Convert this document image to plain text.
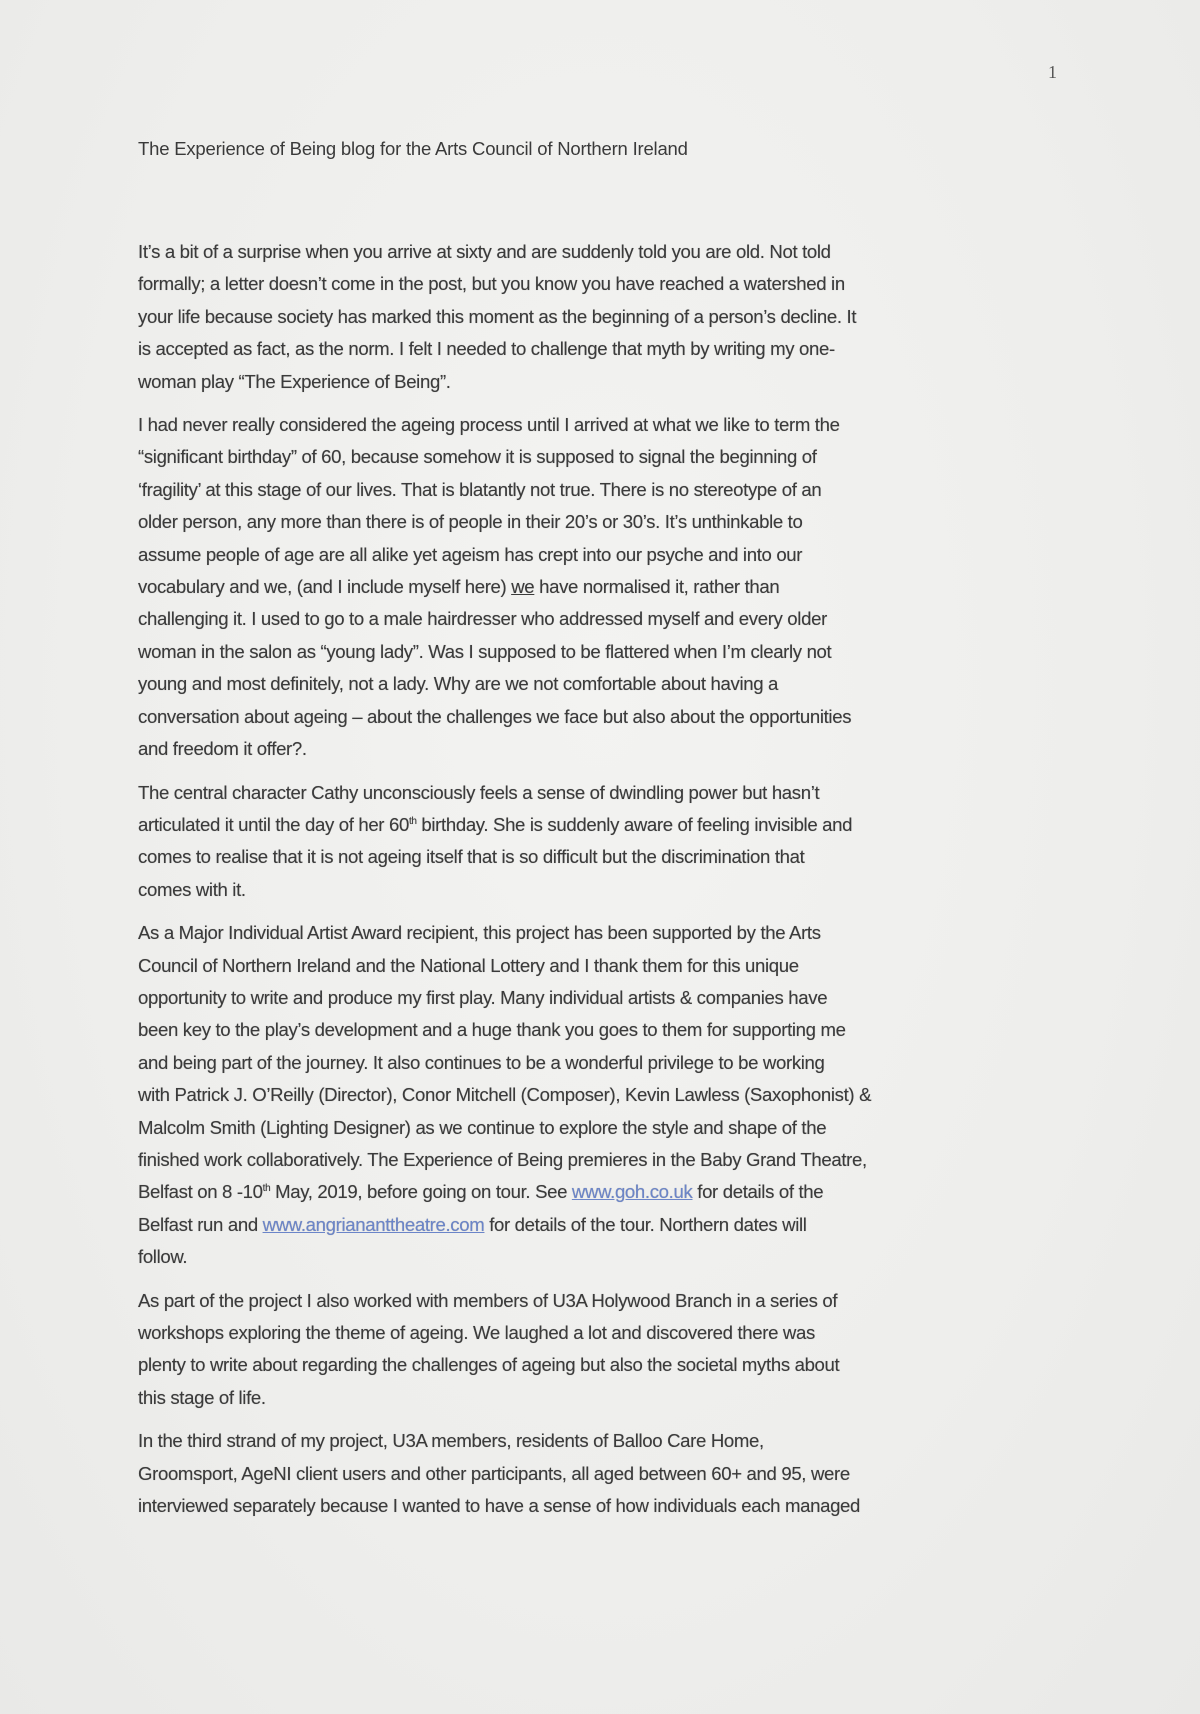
1
The Experience of Being blog for the Arts Council of Northern Ireland

It’s a bit of a surprise when you arrive at sixty and are suddenly told you are old. Not told
formally; a letter doesn’t come in the post, but you know you have reached a watershed in
your life because society has marked this moment as the beginning of a person’s decline. It
is accepted as fact, as the norm. I felt I needed to challenge that myth by writing my one-
woman play “The Experience of Being”.

I had never really considered the ageing process until I arrived at what we like to term the
“significant birthday” of 60, because somehow it is supposed to signal the beginning of
‘fragility’ at this stage of our lives. That is blatantly not true. There is no stereotype of an
older person, any more than there is of people in their 20’s or 30’s. It’s unthinkable to
assume people of age are all alike yet ageism has crept into our psyche and into our
vocabulary and we, (and I include myself here) we have normalised it, rather than
challenging it. I used to go to a male hairdresser who addressed myself and every older
woman in the salon as “young lady”. Was I supposed to be flattered when I’m clearly not
young and most definitely, not a lady. Why are we not comfortable about having a
conversation about ageing – about the challenges we face but also about the opportunities
and freedom it offer?.

The central character Cathy unconsciously feels a sense of dwindling power but hasn’t
articulated it until the day of her 60th birthday. She is suddenly aware of feeling invisible and
comes to realise that it is not ageing itself that is so difficult but the discrimination that
comes with it.

As a Major Individual Artist Award recipient, this project has been supported by the Arts
Council of Northern Ireland and the National Lottery and I thank them for this unique
opportunity to write and produce my first play. Many individual artists & companies have
been key to the play’s development and a huge thank you goes to them for supporting me
and being part of the journey. It also continues to be a wonderful privilege to be working
with Patrick J. O’Reilly (Director), Conor Mitchell (Composer), Kevin Lawless (Saxophonist) &
Malcolm Smith (Lighting Designer) as we continue to explore the style and shape of the
finished work collaboratively. The Experience of Being premieres in the Baby Grand Theatre,
Belfast on 8 -10th May, 2019, before going on tour. See www.goh.co.uk for details of the
Belfast run and www.angriananttheatre.com for details of the tour. Northern dates will
follow.

As part of the project I also worked with members of U3A Holywood Branch in a series of
workshops exploring the theme of ageing. We laughed a lot and discovered there was
plenty to write about regarding the challenges of ageing but also the societal myths about
this stage of life.

In the third strand of my project, U3A members, residents of Balloo Care Home,
Groomsport, AgeNI client users and other participants, all aged between 60+ and 95, were
interviewed separately because I wanted to have a sense of how individuals each managed
